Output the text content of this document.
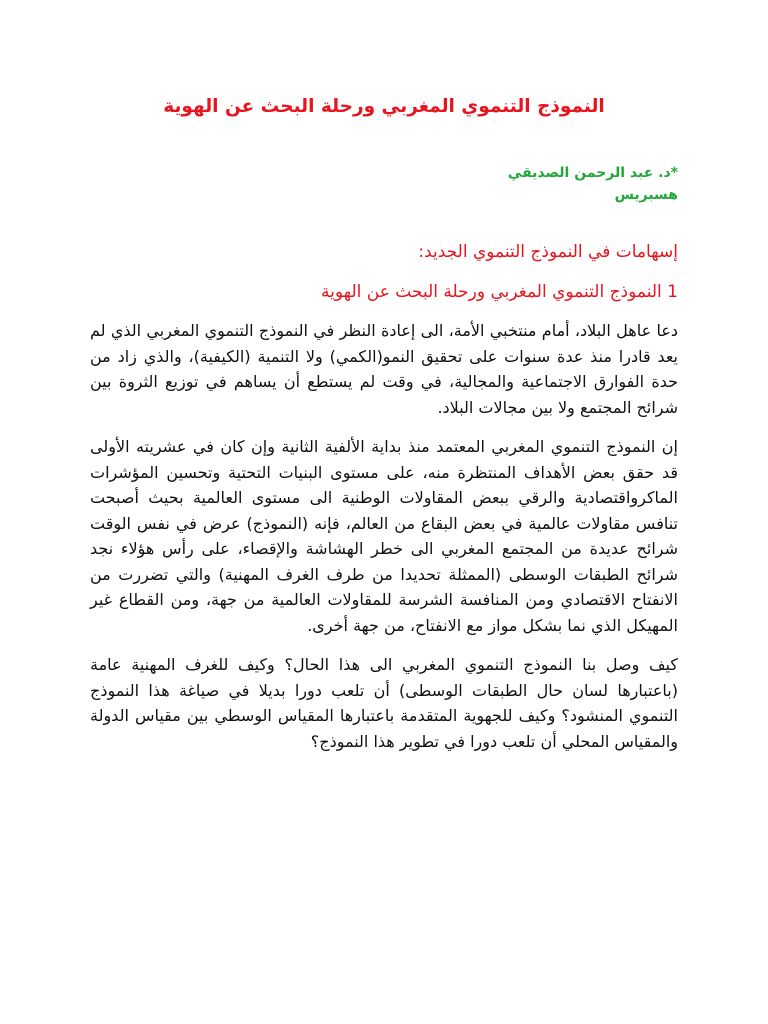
النموذج التنموي المغربي ورحلة البحث عن الهوية
*د. عبد الرحمن الصديقي
هسبريس
إسهامات في النموذج التنموي الجديد:
1 النموذج التنموي المغربي ورحلة البحث عن الهوية

دعا عاهل البلاد، أمام منتخبي الأمة، الى إعادة النظر في النموذج التنموي المغربي الذي لم يعد قادرا منذ عدة سنوات على تحقيق النمو(الكمي) ولا التنمية (الكيفية)، والذي زاد من حدة الفوارق الاجتماعية والمجالية، في وقت لم يستطع أن يساهم في توزيع الثروة بين شرائح المجتمع ولا بين مجالات البلاد.

إن النموذج التنموي المغربي المعتمد منذ بداية الألفية الثانية وإن كان في عشريته الأولى قد حقق بعض الأهداف المنتظرة منه، على مستوى البنيات التحتية وتحسين المؤشرات الماكرواقتصادية والرقي ببعض المقاولات الوطنية الى مستوى العالمية بحيث أصبحت تنافس مقاولات عالمية في بعض البقاع من العالم، فإنه (النموذج) عرض في نفس الوقت شرائح عديدة من المجتمع المغربي الى خطر الهشاشة والإقصاء، على رأس هؤلاء نجد شرائح الطبقات الوسطى (الممثلة تحديدا من طرف الغرف المهنية) والتي تضررت من الانفتاح الاقتصادي ومن المنافسة الشرسة للمقاولات العالمية من جهة، ومن القطاع غير المهيكل الذي نما بشكل مواز مع الانفتاح، من جهة أخرى.

كيف وصل بنا النموذج التنموي المغربي الى هذا الحال؟ وكيف للغرف المهنية عامة (باعتبارها لسان حال الطبقات الوسطى) أن تلعب دورا بديلا في صياغة هذا النموذج التنموي المنشود؟ وكيف للجهوية المتقدمة باعتبارها المقياس الوسطي بين مقياس الدولة والمقياس المحلي أن تلعب دورا في تطوير هذا النموذج؟
